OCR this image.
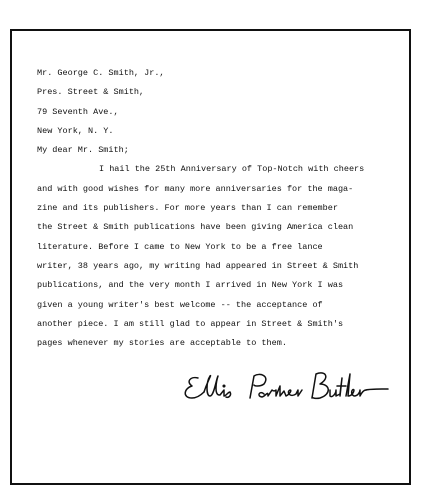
Mr. George C. Smith, Jr.,
Pres. Street & Smith,
79 Seventh Ave.,
New York, N. Y.
My dear Mr. Smith;
I hail the 25th Anniversary of Top-Notch with cheers
and with good wishes for many more anniversaries for the maga-
zine and its publishers. For more years than I can remember
the Street & Smith publications have been giving America clean
literature. Before I came to New York to be a free lance
writer, 38 years ago, my writing had appeared in Street & Smith
publications, and the very month I arrived in New York I was
given a young writer's best welcome -- the acceptance of
another piece. I am still glad to appear in Street & Smith's
pages whenever my stories are acceptable to them.
